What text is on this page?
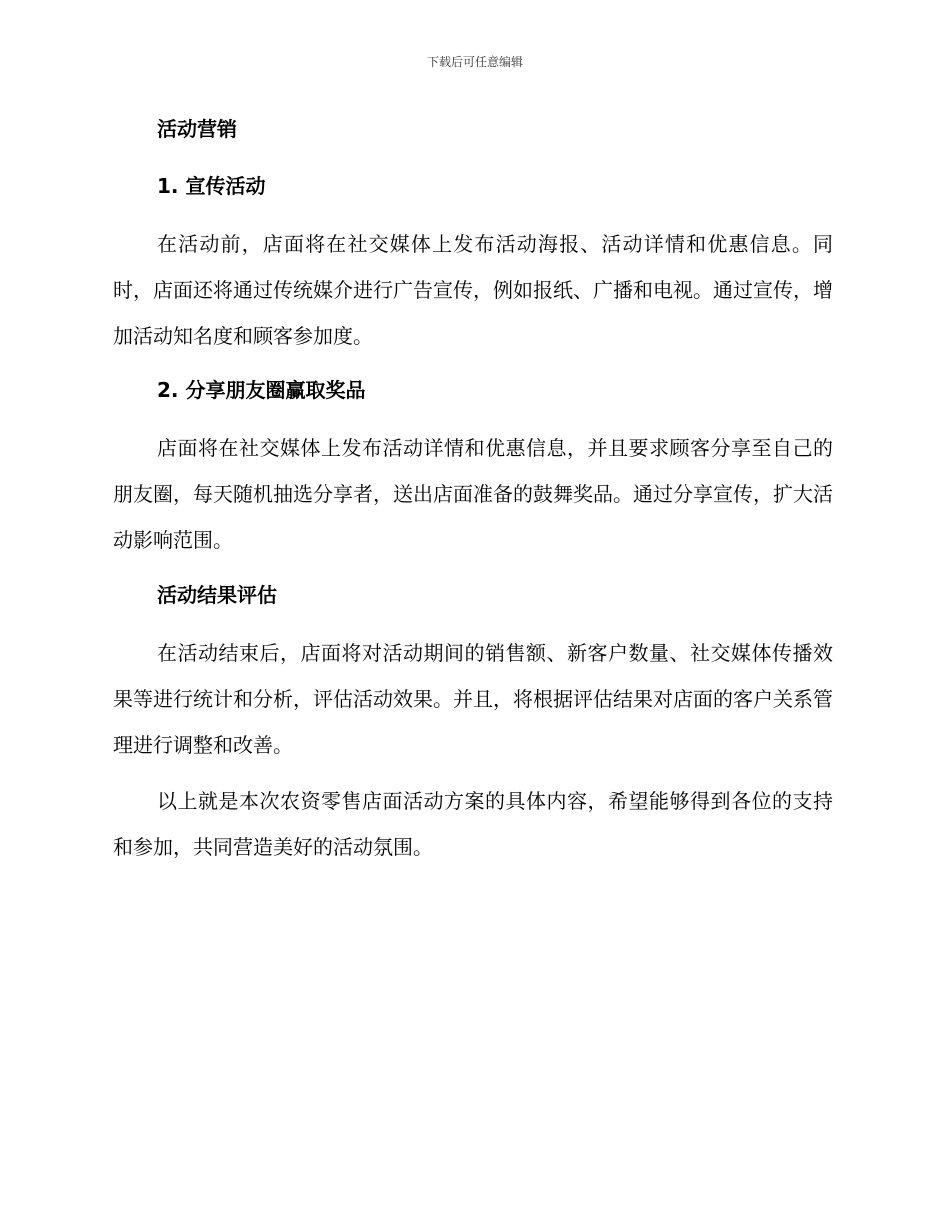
下载后可任意编辑
活动营销
1. 宣传活动

在活动前，店面将在社交媒体上发布活动海报、活动详情和优惠信息。同时，店面还将通过传统媒介进行广告宣传，例如报纸、广播和电视。通过宣传，增加活动知名度和顾客参加度。

2. 分享朋友圈赢取奖品

店面将在社交媒体上发布活动详情和优惠信息，并且要求顾客分享至自己的朋友圈，每天随机抽选分享者，送出店面准备的鼓舞奖品。通过分享宣传，扩大活动影响范围。

活动结果评估

在活动结束后，店面将对活动期间的销售额、新客户数量、社交媒体传播效果等进行统计和分析，评估活动效果。并且，将根据评估结果对店面的客户关系管理进行调整和改善。

以上就是本次农资零售店面活动方案的具体内容，希望能够得到各位的支持和参加，共同营造美好的活动氛围。
